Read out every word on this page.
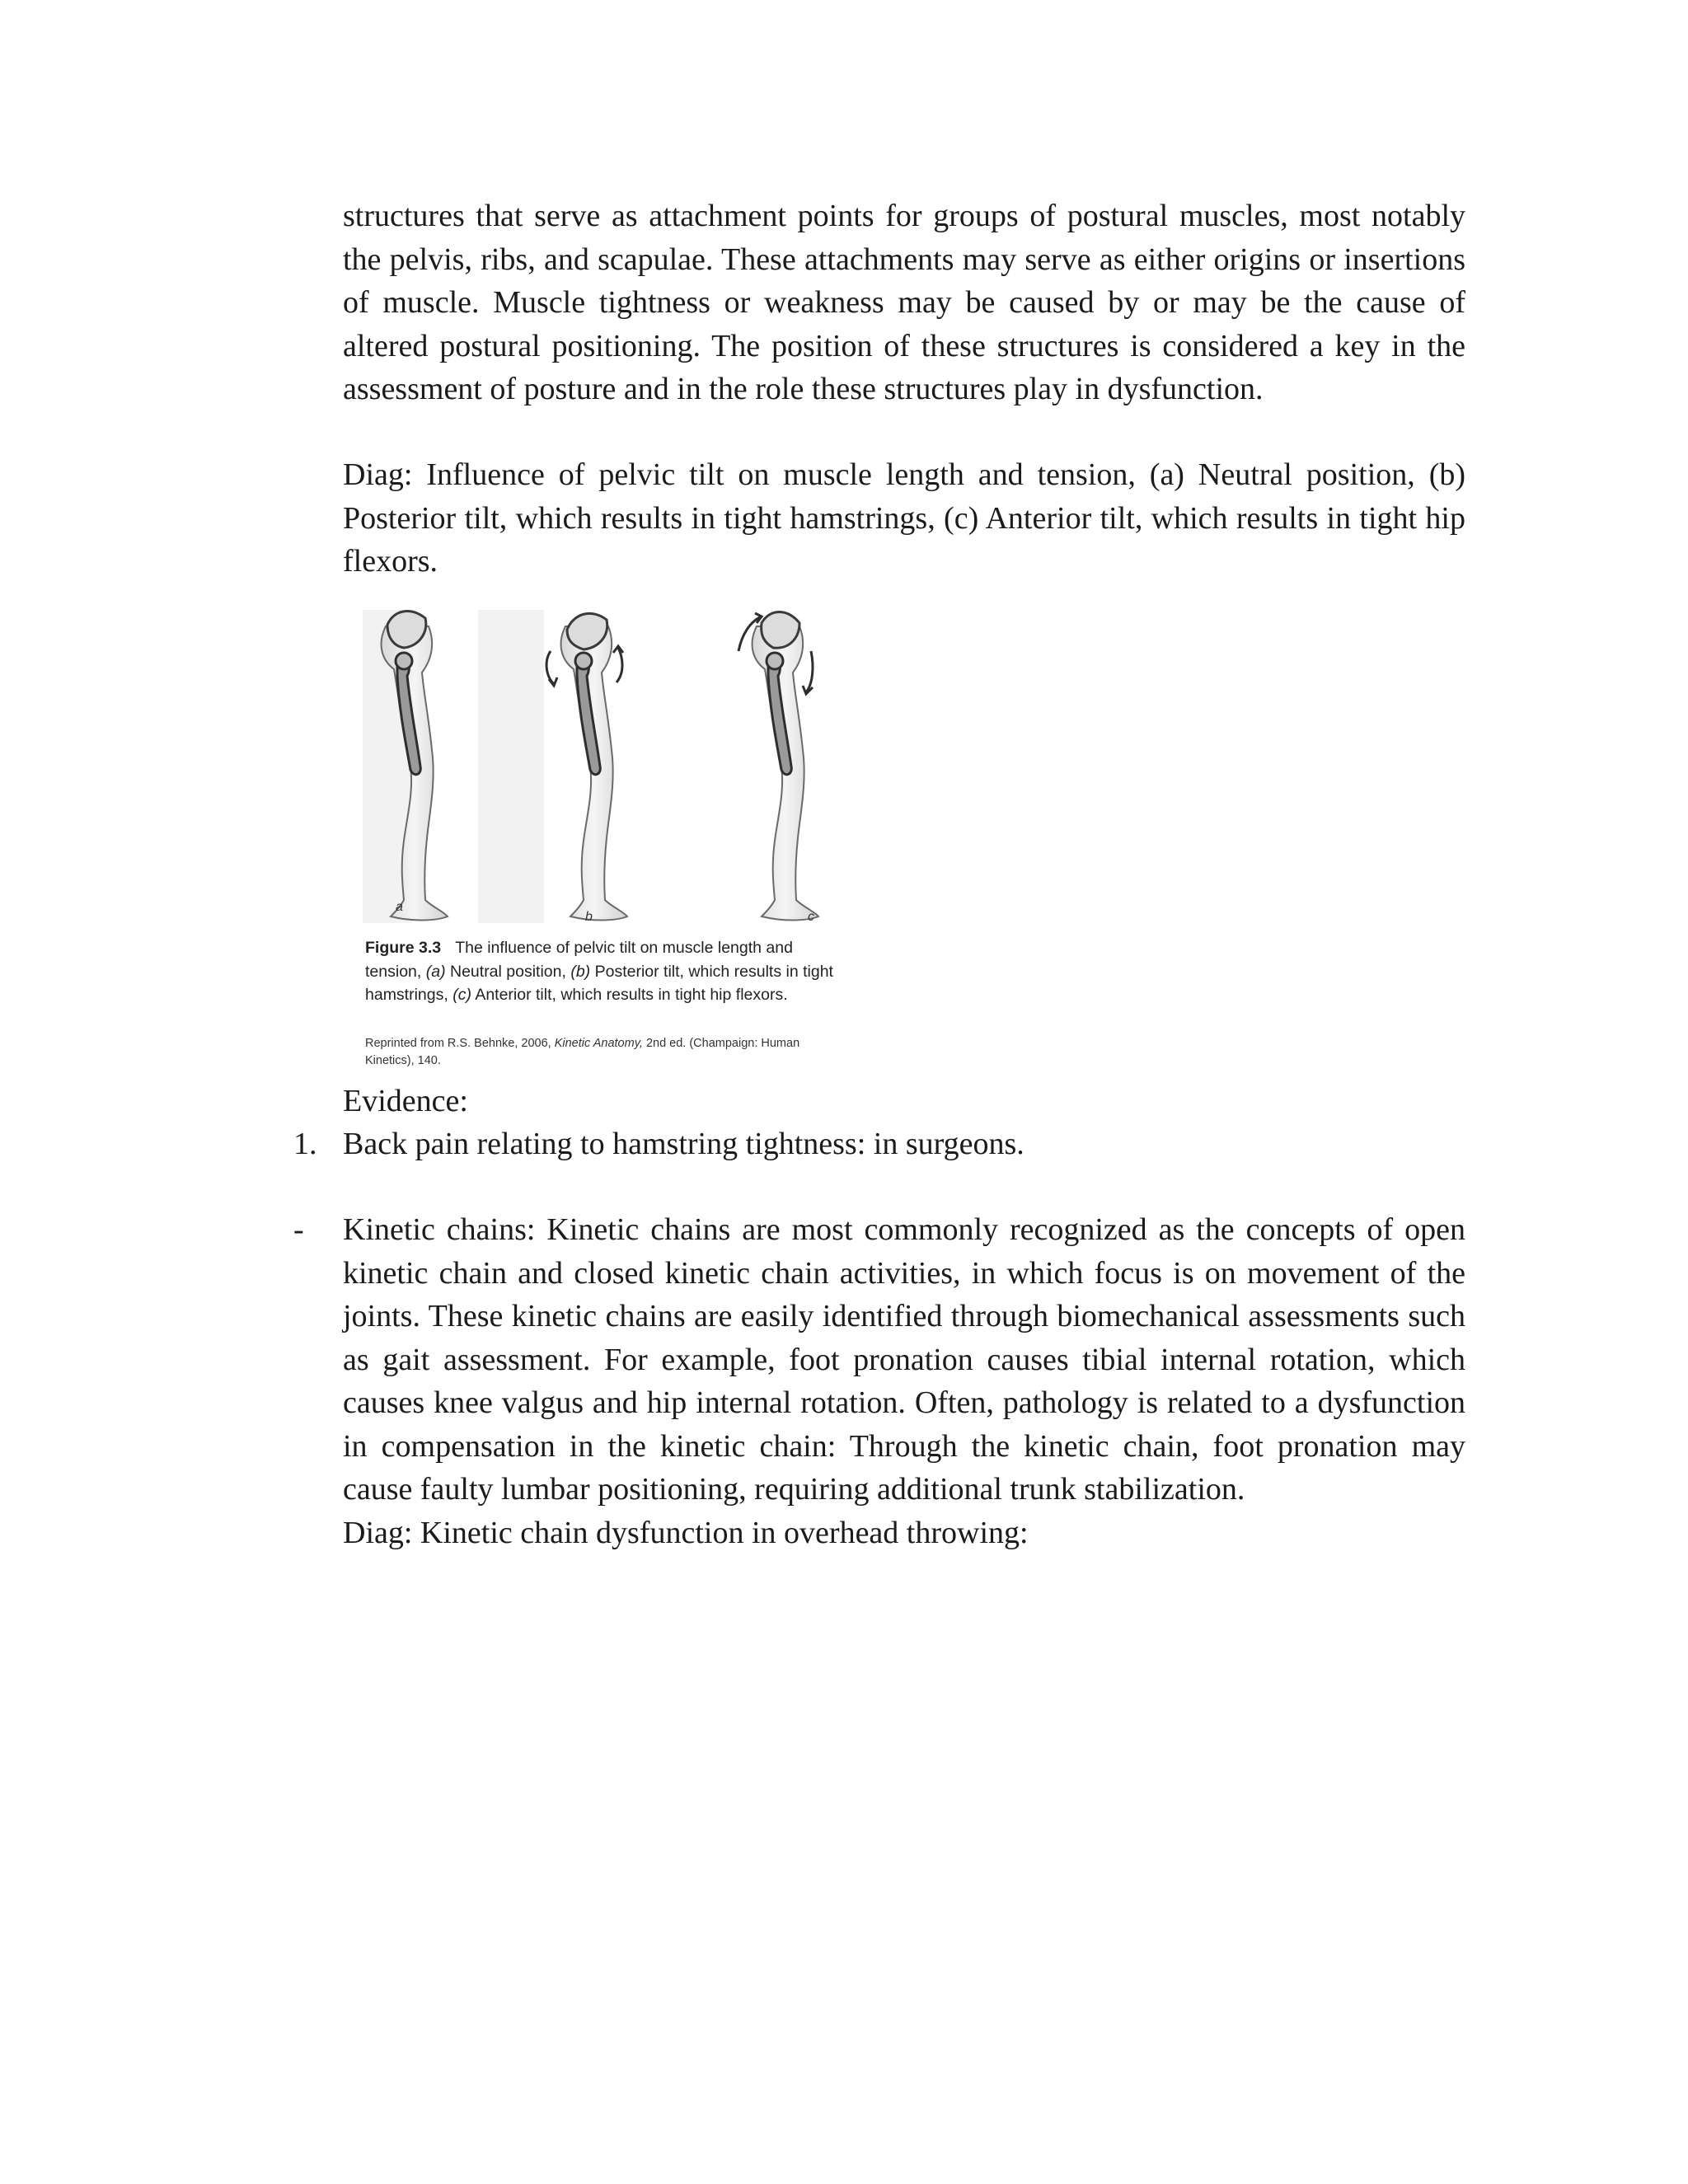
structures that serve as attachment points for groups of postural muscles, most notably the pelvis, ribs, and scapulae. These attachments may serve as either origins or insertions of muscle. Muscle tightness or weakness may be caused by or may be the cause of altered postural positioning. The position of these structures is considered a key in the assessment of posture and in the role these structures play in dysfunction.

Diag: Influence of pelvic tilt on muscle length and tension, (a) Neutral position, (b) Posterior tilt, which results in tight hamstrings, (c) Anterior tilt, which results in tight hip flexors.

a
b	c
Figure 3.3 The influence of pelvic tilt on muscle length and tension, (a) Neutral position, (b) Posterior tilt, which results in tight hamstrings, (c) Anterior tilt, which results in tight hip flexors.
Reprinted from R.S. Behnke, 2006, Kinetic Anatomy, 2nd ed. (Champaign: Human Kinetics), 140.
Evidence:
1. Back pain relating to hamstring tightness: in surgeons.
- Kinetic chains: Kinetic chains are most commonly recognized as the concepts of open kinetic chain and closed kinetic chain activities, in which focus is on movement of the joints. These kinetic chains are easily identified through biomechanical assessments such as gait assessment. For example, foot pronation causes tibial internal rotation, which causes knee valgus and hip internal rotation. Often, pathology is related to a dysfunction in compensation in the kinetic chain: Through the kinetic chain, foot pronation may cause faulty lumbar positioning, requiring additional trunk stabilization.

Diag: Kinetic chain dysfunction in overhead throwing:
